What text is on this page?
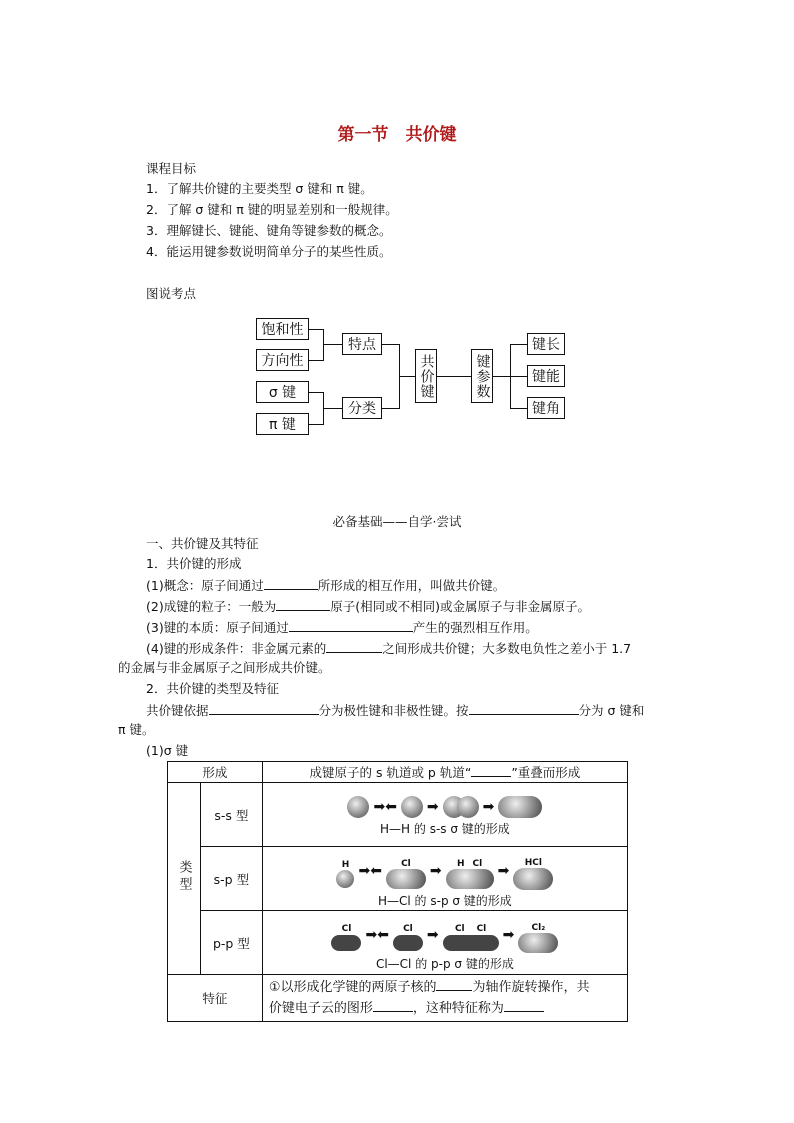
第一节　共价键
课程目标
1．了解共价键的主要类型 σ 键和 π 键。
2．了解 σ 键和 π 键的明显差别和一般规律。
3．理解键长、键能、键角等键参数的概念。
4．能运用键参数说明简单分子的某些性质。
图说考点
饱和性
方向性
σ 键
π 键
特点
分类
共价键	键参数
键长
键能
键角
必备基础——自学·尝试
一、共价键及其特征
1．共价键的形成
(1)概念：原子间通过	所形成的相互作用，叫做共价键。
(2)成键的粒子：一般为	原子(相同或不相同)或金属原子与非金属原子。
(3)键的本质：原子间通过	产生的强烈相互作用。
(4)键的形成条件：非金属元素的	之间形成共价键；大多数电负性之差小于 1.7
的金属与非金属原子之间形成共价键。
2．共价键的类型及特征
共价键依据	分为极性键和非极性键。按	分为 σ 键和
π 键。
(1)σ 键
形成		成键原子的 s 轨道或 p 轨道“ ”重叠而形成
类型	s-s 型	➡⬅ ➡ ➡
H—H 的 s-s σ 键的形成

	s-p 型	H ➡⬅ Cl ➡ H Cl ➡ HCl

H—Cl 的 s-p σ 键的形成

	p-p 型	Cl ➡⬅ Cl ➡ Cl Cl ➡ Cl₂

Cl—Cl 的 p-p σ 键的形成

特征		①以形成化学键的两原子核的 为轴作旋转操作，共
价键电子云的图形 ，这种特征称为
